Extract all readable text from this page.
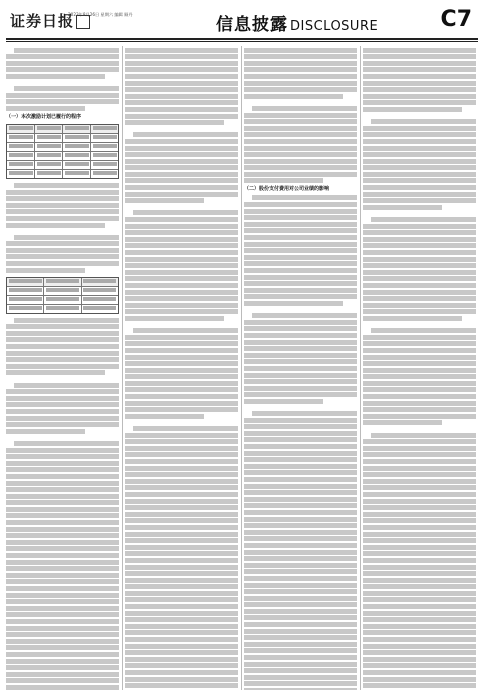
证券日报
2023年8月26日 星期六 编辑 顾丹
信息披露 DISCLOSURE	C7
（一）本次激励计划已履行的程序
（二）股份支付费用对公司业绩的影响
